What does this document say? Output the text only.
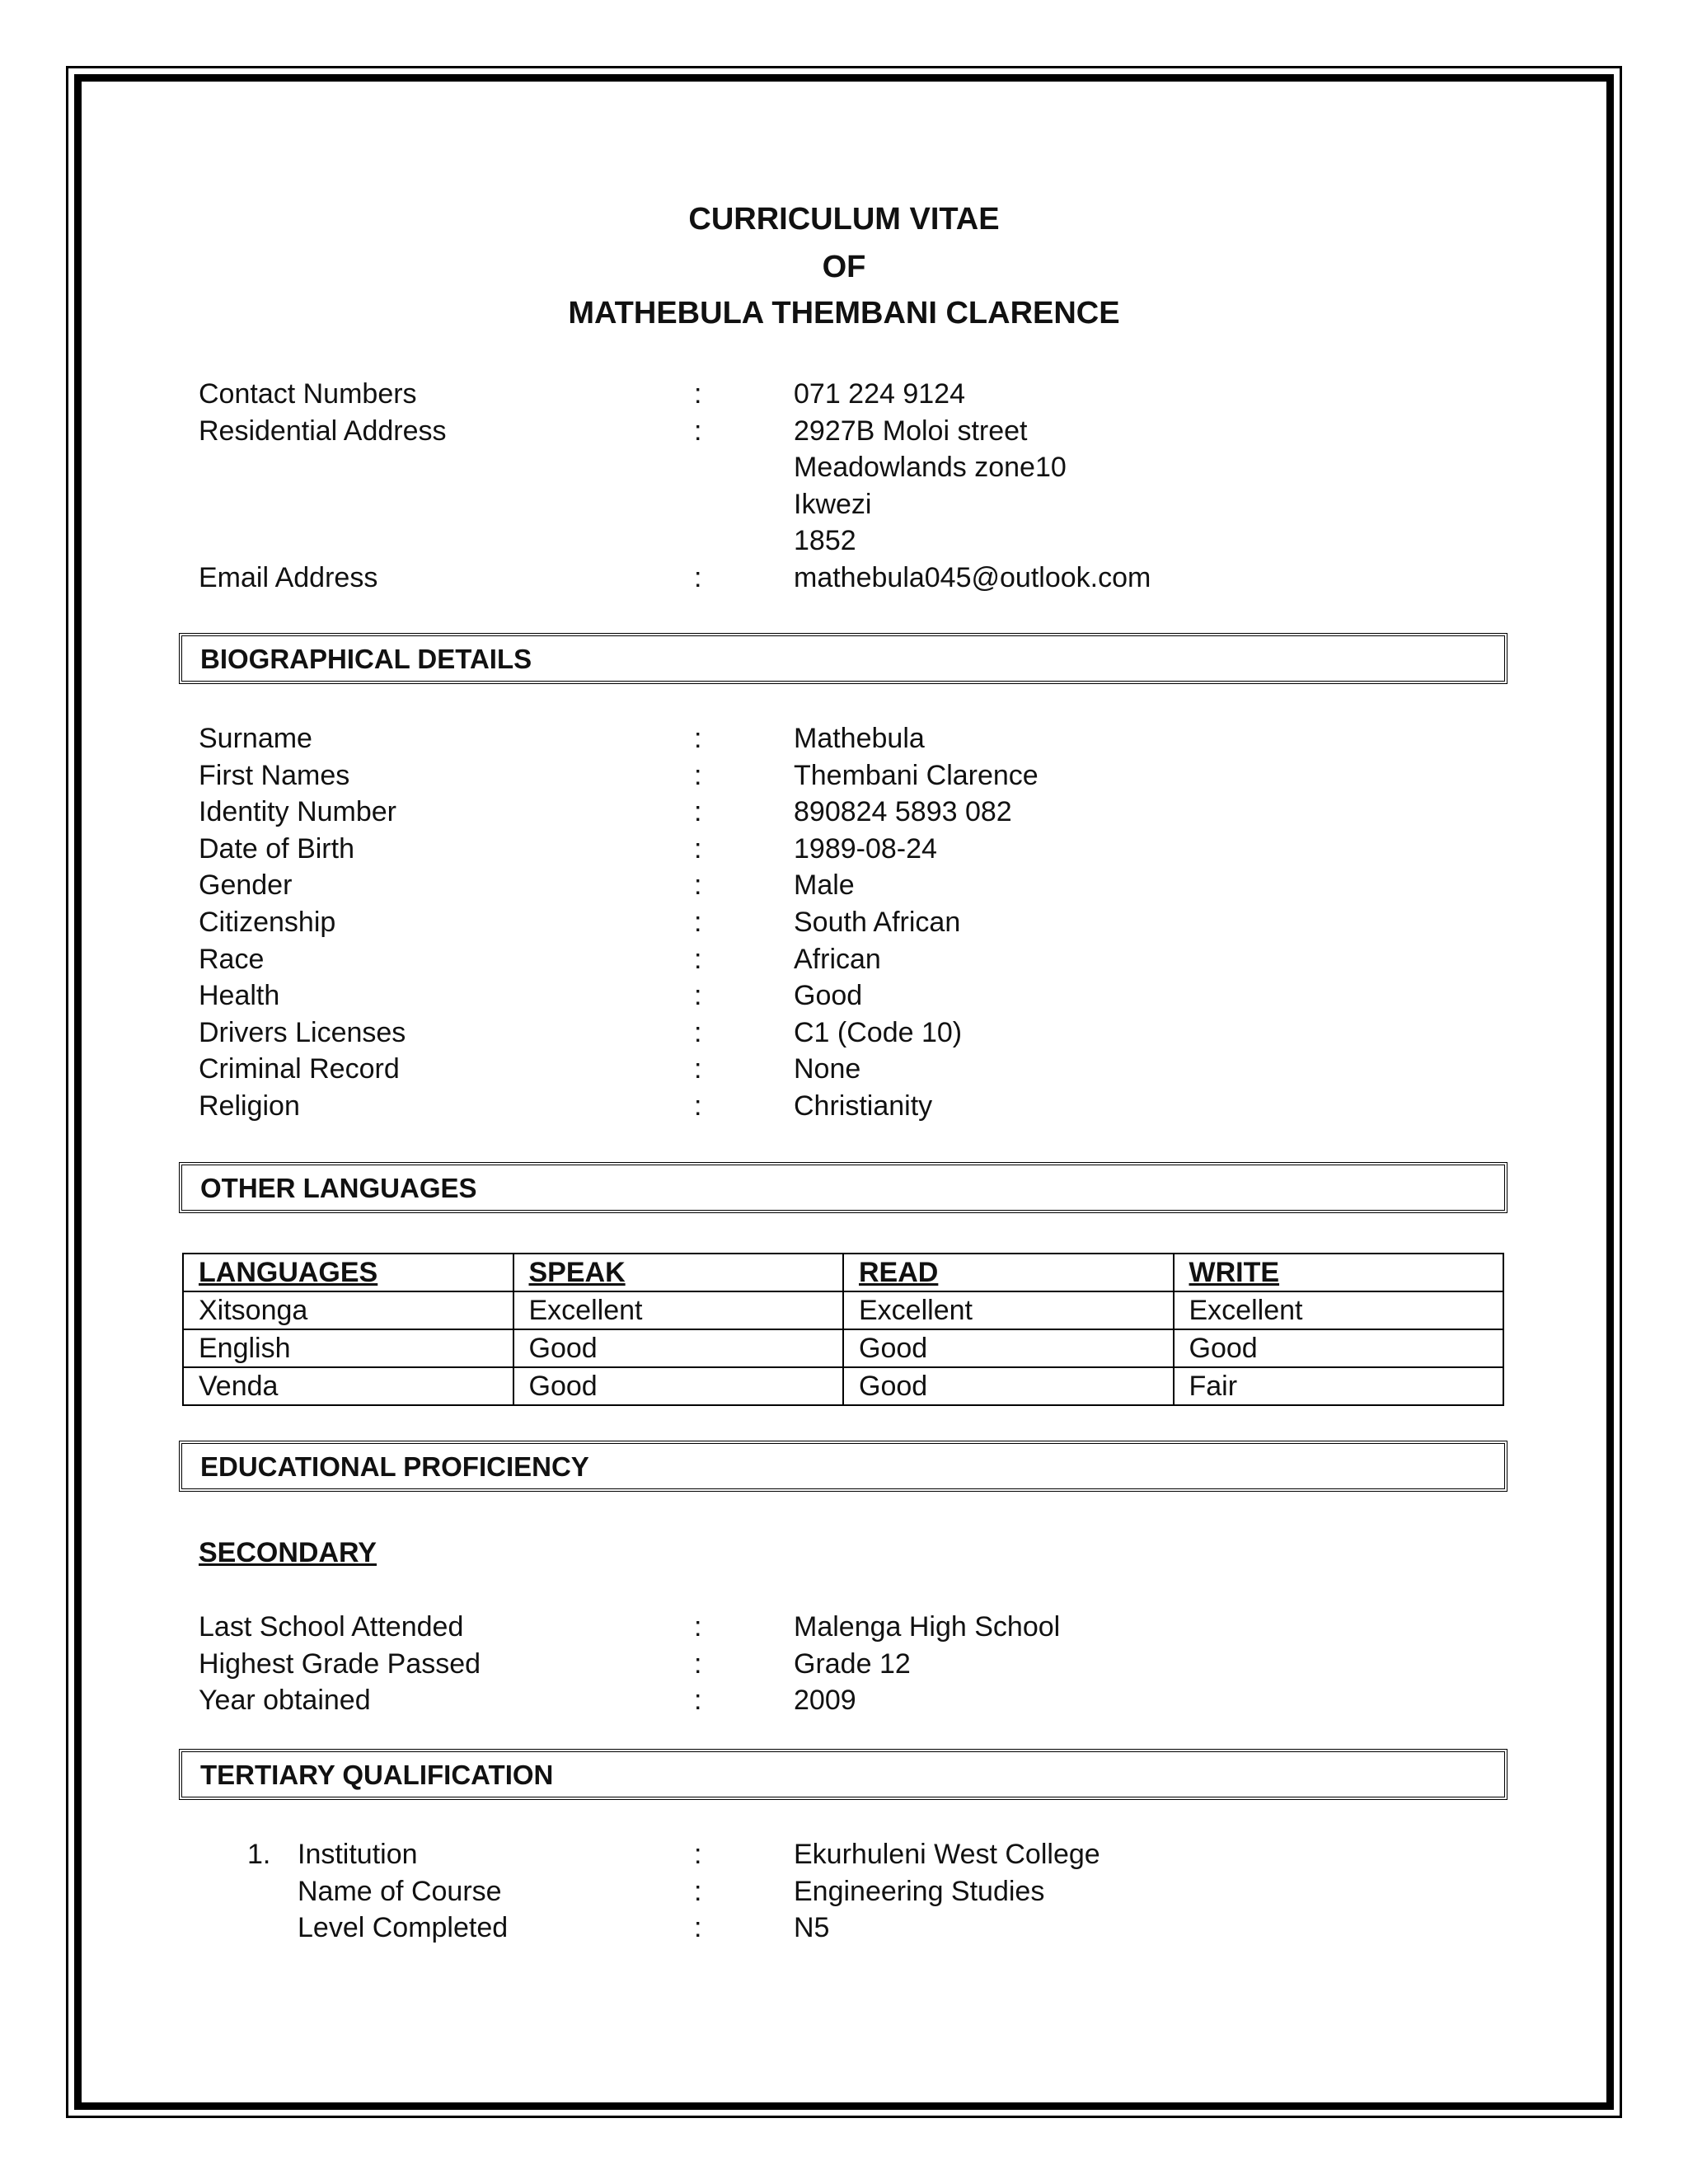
CURRICULUM VITAE
OF
MATHEBULA THEMBANI CLARENCE
Contact Numbers	:	071 224 9124
Residential Address	:	2927B Moloi street
Meadowlands zone10
Ikwezi
1852
Email Address	:	mathebula045@outlook.com
BIOGRAPHICAL DETAILS
Surname	:	Mathebula
First Names	:	Thembani Clarence
Identity Number	:	890824 5893 082
Date of Birth	:	1989-08-24
Gender	:	Male
Citizenship	:	South African
Race	:	African
Health	:	Good
Drivers Licenses	:	C1 (Code 10)
Criminal Record	:	None
Religion	:	Christianity
OTHER LANGUAGES
LANGUAGES	SPEAK	READ	WRITE
Xitsonga	Excellent	Excellent	Excellent
English	Good	Good	Good
Venda	Good	Good	Fair
EDUCATIONAL PROFICIENCY
SECONDARY
Last School Attended	:	Malenga High School
Highest Grade Passed	:	Grade 12
Year obtained	:	2009
TERTIARY QUALIFICATION
1. Institution	:	Ekurhuleni West College
Name of Course	:	Engineering Studies
Level Completed	:	N5
